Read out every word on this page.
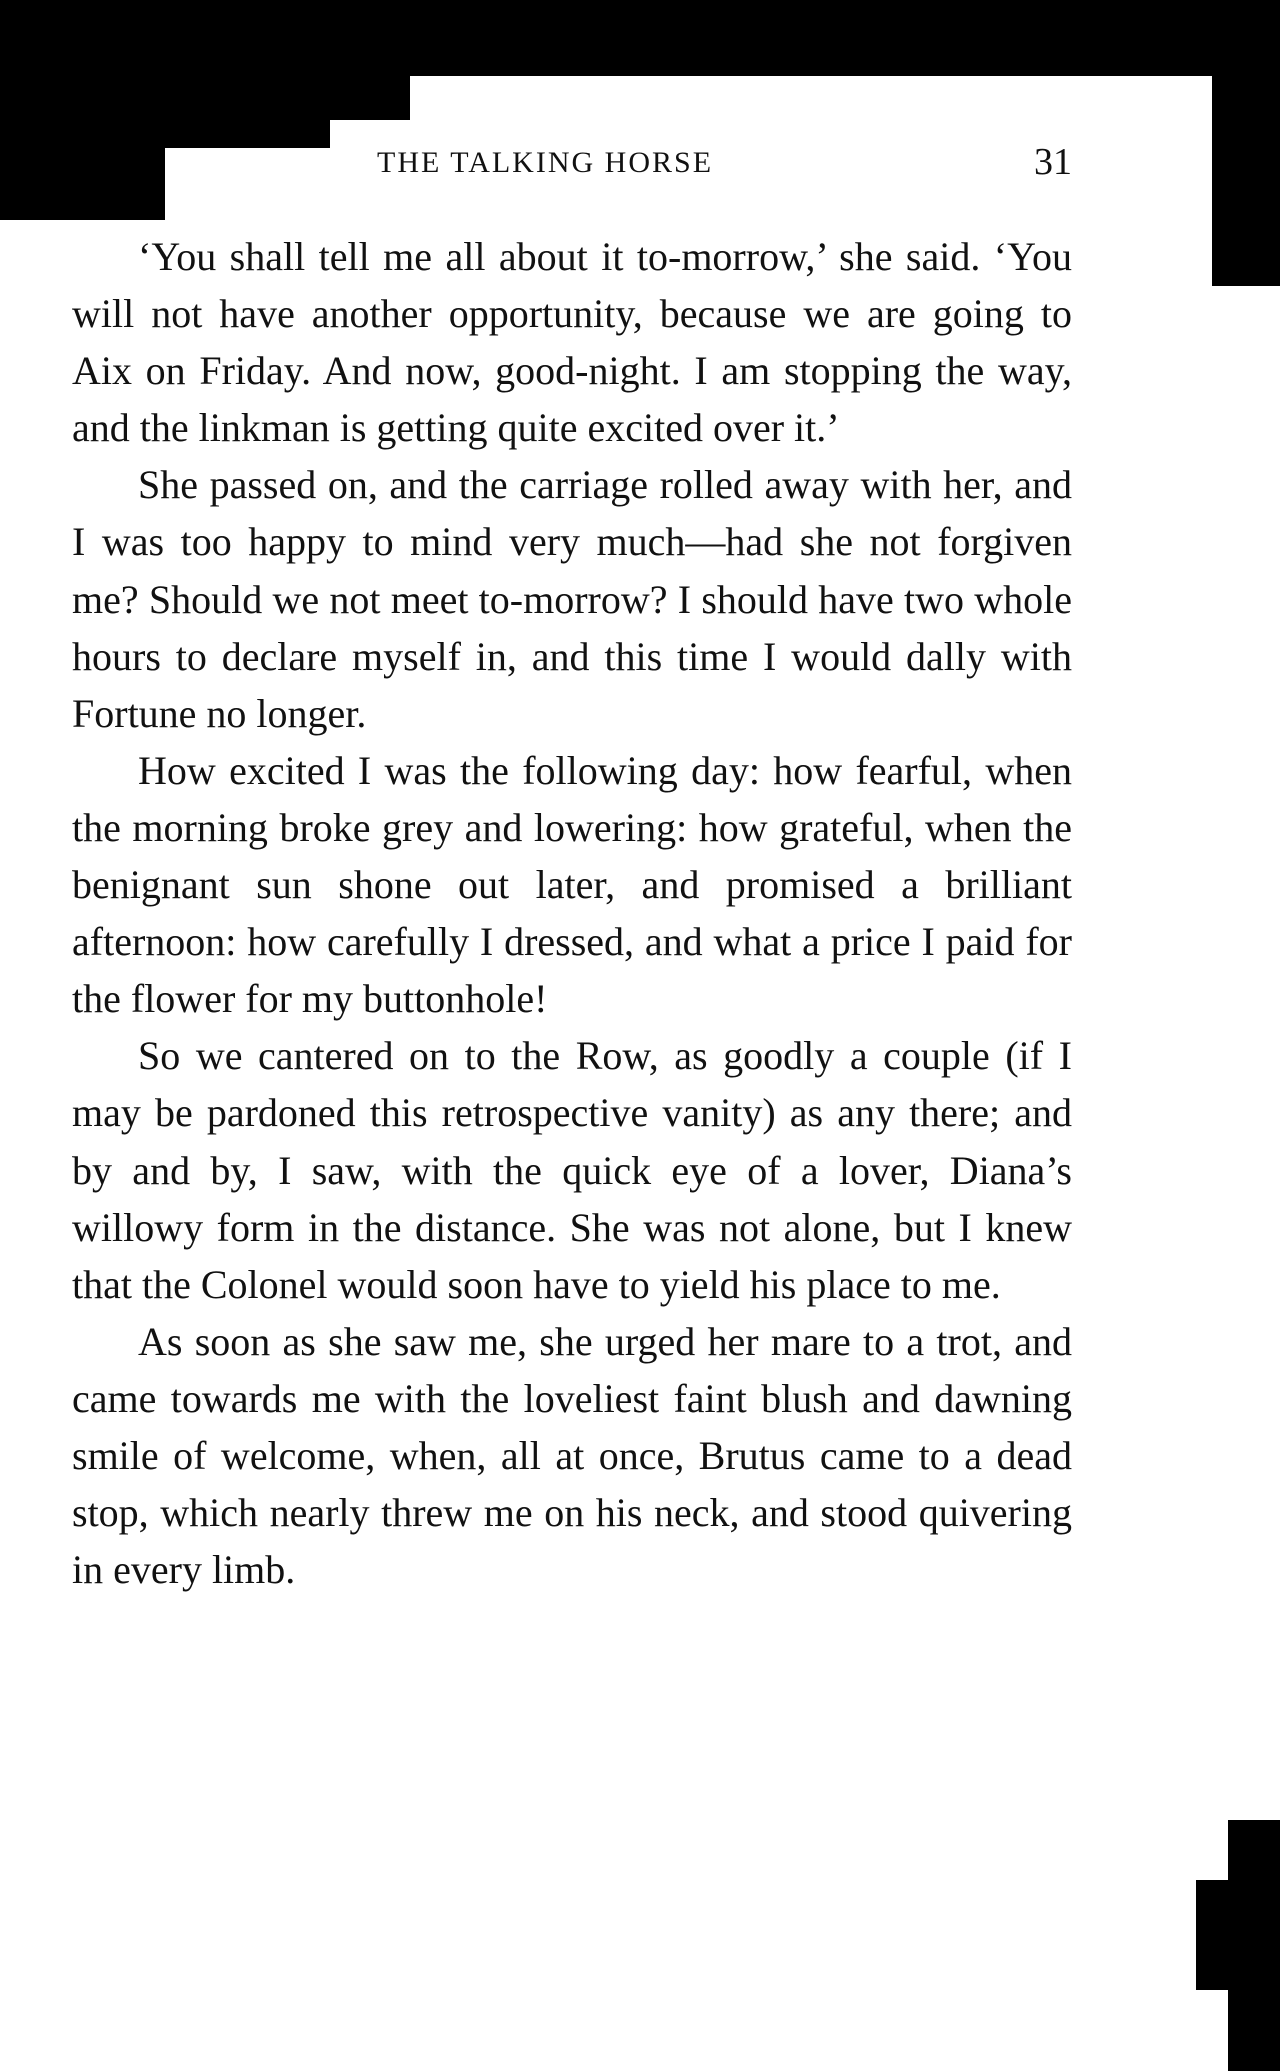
THE TALKING HORSE	31

‘You shall tell me all about it to-morrow,’ she said. ‘You will not have another opportunity, because we are going to Aix on Friday. And now, good-night. I am stopping the way, and the linkman is getting quite excited over it.’

She passed on, and the carriage rolled away with her, and I was too happy to mind very much—had she not forgiven me? Should we not meet to-morrow? I should have two whole hours to declare myself in, and this time I would dally with Fortune no longer.

How excited I was the following day: how fearful, when the morning broke grey and lowering: how grateful, when the benignant sun shone out later, and promised a brilliant afternoon: how carefully I dressed, and what a price I paid for the flower for my buttonhole!

So we cantered on to the Row, as goodly a couple (if I may be pardoned this retrospective vanity) as any there; and by and by, I saw, with the quick eye of a lover, Diana’s willowy form in the distance. She was not alone, but I knew that the Colonel would soon have to yield his place to me.

As soon as she saw me, she urged her mare to a trot, and came towards me with the loveliest faint blush and dawning smile of welcome, when, all at once, Brutus came to a dead stop, which nearly threw me on his neck, and stood quivering in every limb.
